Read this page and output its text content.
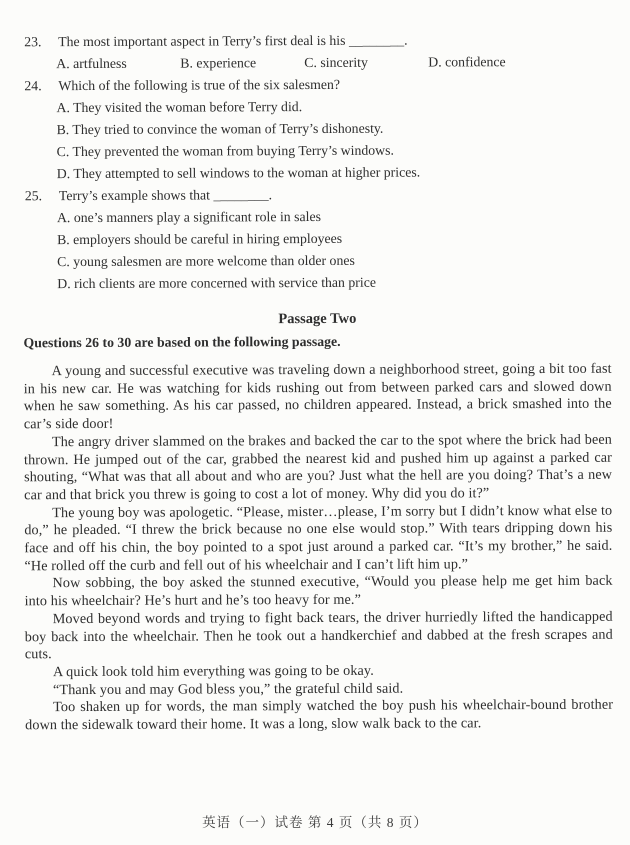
23.	The most important aspect in Terry’s first deal is his ________.
A. artfulness	B. experience	C. sincerity	D. confidence
24.	Which of the following is true of the six salesmen?
A. They visited the woman before Terry did.
B. They tried to convince the woman of Terry’s dishonesty.
C. They prevented the woman from buying Terry’s windows.
D. They attempted to sell windows to the woman at higher prices.
25.	Terry’s example shows that ________.
A. one’s manners play a significant role in sales
B. employers should be careful in hiring employees
C. young salesmen are more welcome than older ones
D. rich clients are more concerned with service than price
Passage Two

Questions 26 to 30 are based on the following passage.

A young and successful executive was traveling down a neighborhood street, going a bit too fast in his new car. He was watching for kids rushing out from between parked cars and slowed down when he saw something. As his car passed, no children appeared. Instead, a brick smashed into the car’s side door!

The angry driver slammed on the brakes and backed the car to the spot where the brick had been thrown. He jumped out of the car, grabbed the nearest kid and pushed him up against a parked car shouting, “What was that all about and who are you? Just what the hell are you doing? That’s a new car and that brick you threw is going to cost a lot of money. Why did you do it?”

The young boy was apologetic. “Please, mister…please, I’m sorry but I didn’t know what else to do,” he pleaded. “I threw the brick because no one else would stop.” With tears dripping down his face and off his chin, the boy pointed to a spot just around a parked car. “It’s my brother,” he said. “He rolled off the curb and fell out of his wheelchair and I can’t lift him up.”

Now sobbing, the boy asked the stunned executive, “Would you please help me get him back into his wheelchair? He’s hurt and he’s too heavy for me.”

Moved beyond words and trying to fight back tears, the driver hurriedly lifted the handicapped boy back into the wheelchair. Then he took out a handkerchief and dabbed at the fresh scrapes and cuts.

A quick look told him everything was going to be okay.

“Thank you and may God bless you,” the grateful child said.

Too shaken up for words, the man simply watched the boy push his wheelchair-bound brother down the sidewalk toward their home. It was a long, slow walk back to the car.

英语（一）试卷 第 4 页（共 8 页）
